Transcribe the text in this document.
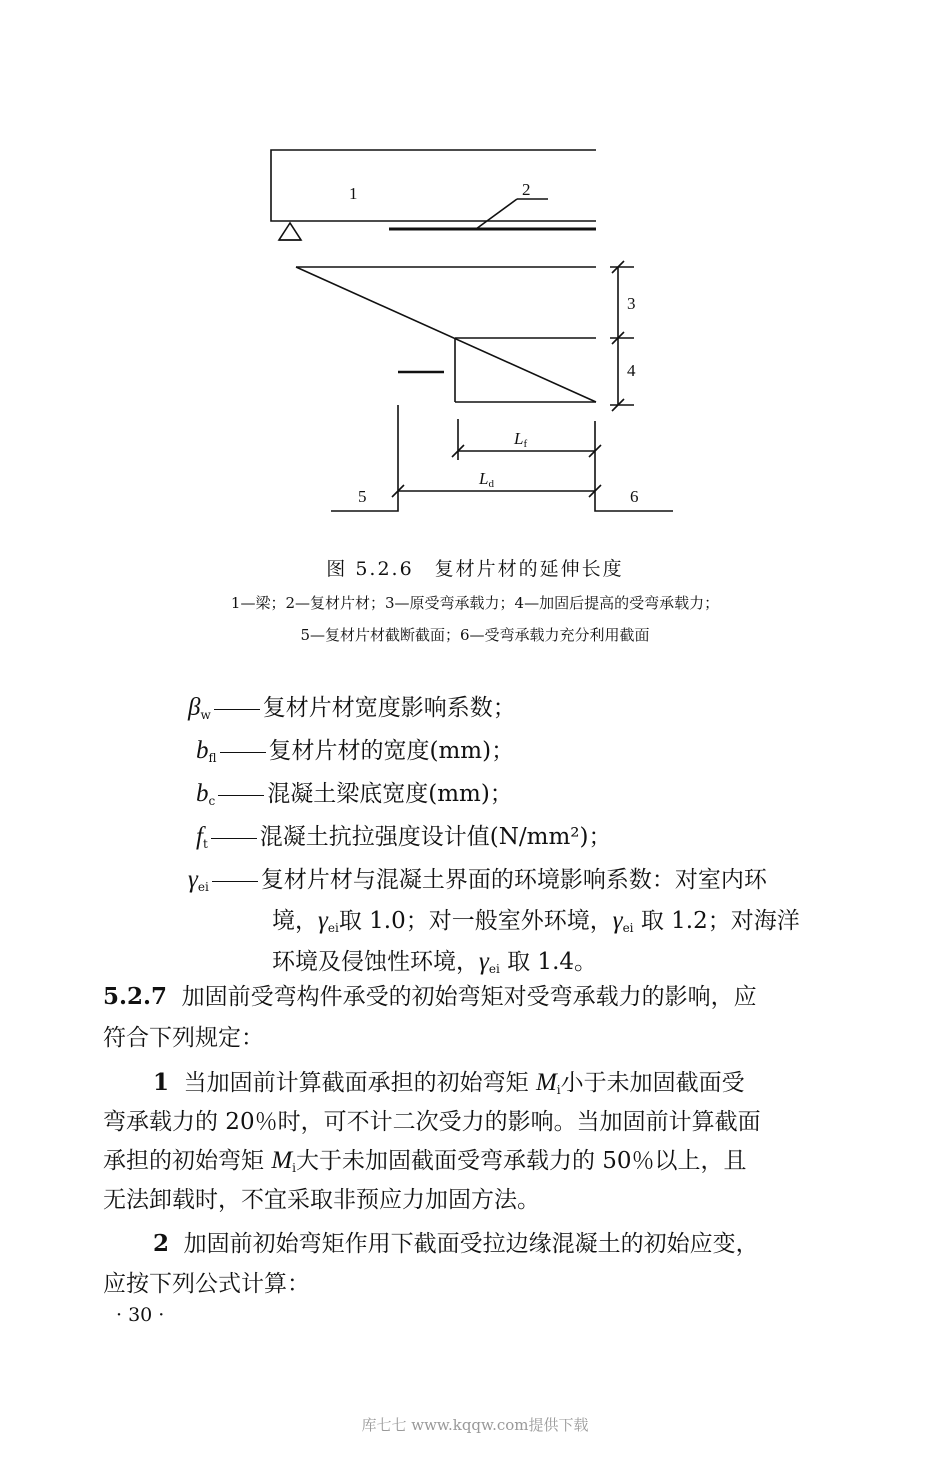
1	2
3
4
5	6
Lf
Ld
图 5.2.6　复材片材的延伸长度
1—梁；2—复材片材；3—原受弯承载力；4—加固后提高的受弯承载力；
5—复材片材截断截面；6—受弯承载力充分利用截面
$\beta_w$ 复材片材宽度影响系数；
$b_{fl}$ 复材片材的宽度(mm)；
$b_c$ 混凝土梁底宽度(mm)；
$f_t$ 混凝土抗拉强度设计值(N/mm²)；
$\gamma_{ei}$ 复材片材与混凝土界面的环境影响系数：对室内环
境，$\gamma_{ei}$取 1.0；对一般室外环境，$\gamma_{ei}$ 取 1.2；对海洋
环境及侵蚀性环境，$\gamma_{ei}$ 取 1.4。
5.2.7 加固前受弯构件承受的初始弯矩对受弯承载力的影响，应
符合下列规定：
1 当加固前计算截面承担的初始弯矩 $M_i$小于未加固截面受
弯承载力的 20％时，可不计二次受力的影响。当加固前计算截面
承担的初始弯矩 $M_i$大于未加固截面受弯承载力的 50％以上，且
无法卸载时，不宜采取非预应力加固方法。
2 加固前初始弯矩作用下截面受拉边缘混凝土的初始应变，
应按下列公式计算：
· 30 ·
库七七 www.kqqw.com提供下载
